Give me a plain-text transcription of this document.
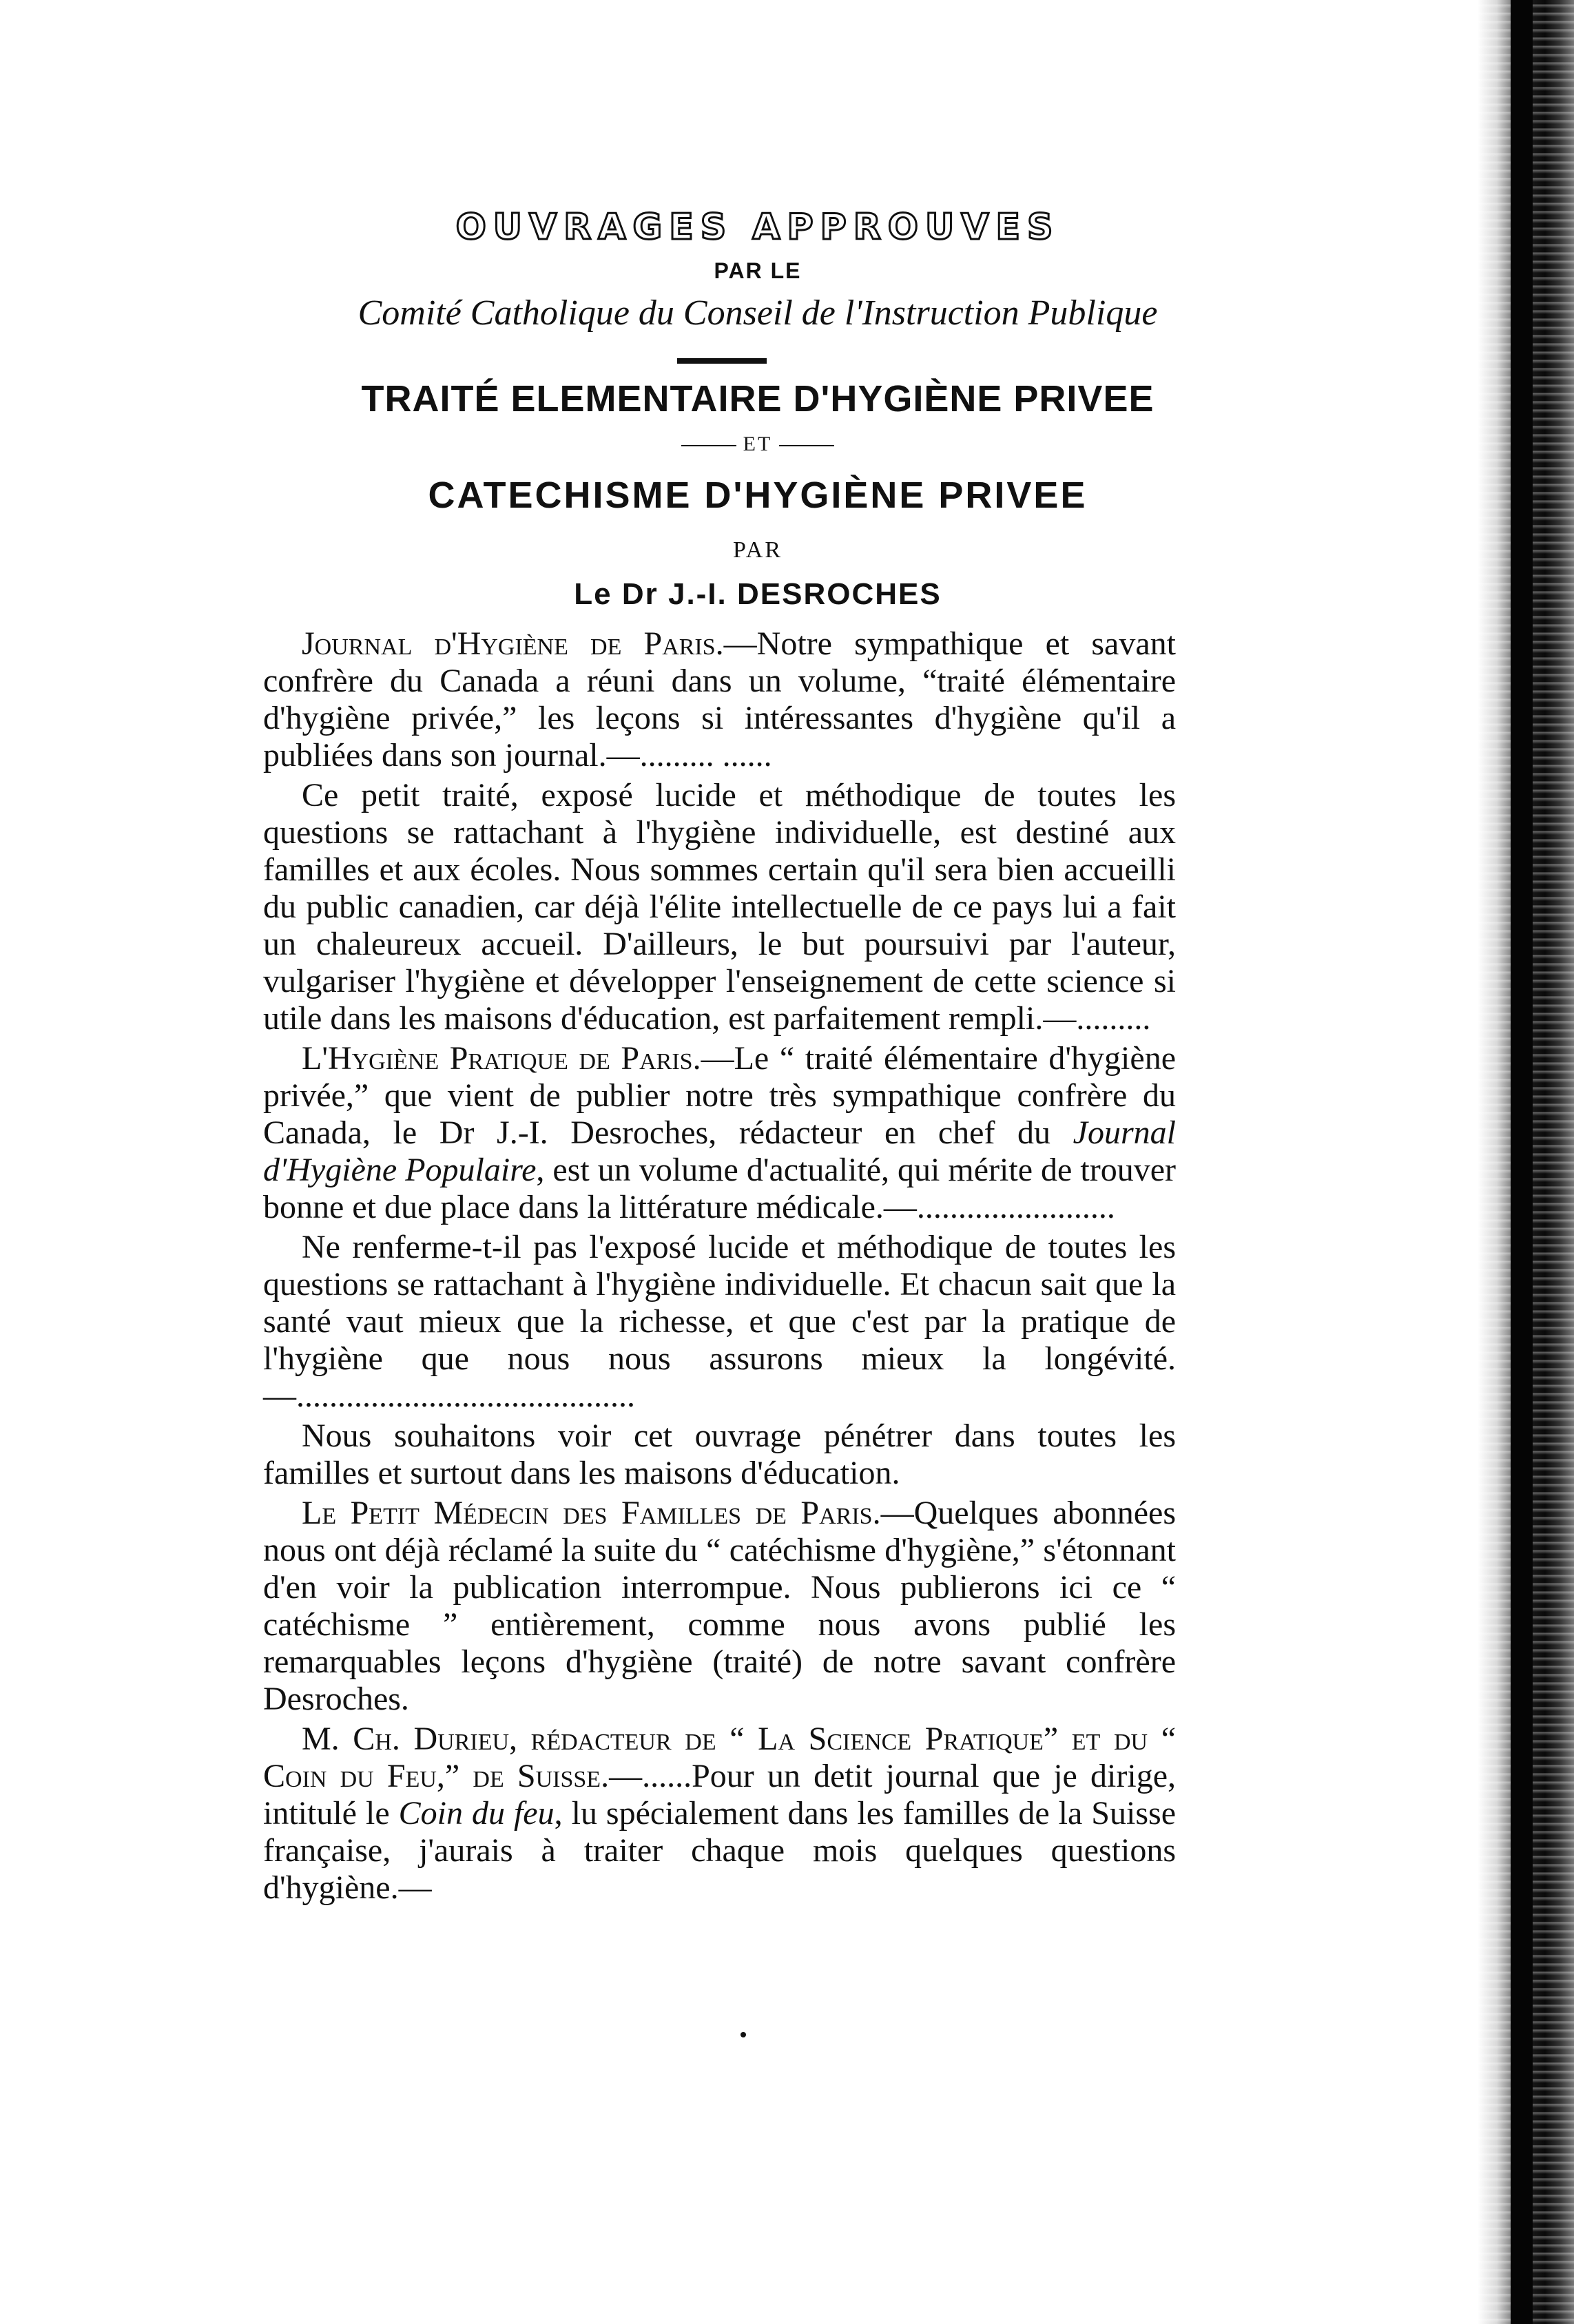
OUVRAGES APPROUVES
PAR LE
Comité Catholique du Conseil de l'Instruction Publique
TRAITÉ ELEMENTAIRE D'HYGIÈNE PRIVEE
ET
CATECHISME D'HYGIÈNE PRIVEE
PAR
Le Dr J.-I. DESROCHES

Journal d'Hygiène de Paris.—Notre sympathique et savant confrère du Canada a réuni dans un volume, “traité élémentaire d'hygiène privée,” les leçons si intéressantes d'hygiène qu'il a publiées dans son journal.—......... ......

Ce petit traité, exposé lucide et méthodique de toutes les questions se rattachant à l'hygiène individuelle, est destiné aux familles et aux écoles. Nous sommes certain qu'il sera bien accueilli du public canadien, car déjà l'élite intellectuelle de ce pays lui a fait un chaleureux accueil. D'ailleurs, le but poursuivi par l'auteur, vulgariser l'hygiène et développer l'enseignement de cette science si utile dans les maisons d'éducation, est parfaitement rempli.—.........

L'Hygiène Pratique de Paris.—Le “ traité élémentaire d'hygiène privée,” que vient de publier notre très sympathique confrère du Canada, le Dr J.-I. Desroches, rédacteur en chef du Journal d'Hygiène Populaire, est un volume d'actualité, qui mérite de trouver bonne et due place dans la littérature médicale.—........................

Ne renferme-t-il pas l'exposé lucide et méthodique de toutes les questions se rattachant à l'hygiène individuelle. Et chacun sait que la santé vaut mieux que la richesse, et que c'est par la pratique de l'hygiène que nous nous assurons mieux la longévité.—.........................................

Nous souhaitons voir cet ouvrage pénétrer dans toutes les familles et surtout dans les maisons d'éducation.

Le Petit Médecin des Familles de Paris.—Quelques abonnées nous ont déjà réclamé la suite du “ catéchisme d'hygiène,” s'étonnant d'en voir la publication interrompue. Nous publierons ici ce “ catéchisme ” entièrement, comme nous avons publié les remarquables leçons d'hygiène (traité) de notre savant confrère Desroches.

M. Ch. Durieu, rédacteur de “ La Science Pratique” et du “ Coin du Feu,” de Suisse.—......Pour un detit journal que je dirige, intitulé le Coin du feu, lu spécialement dans les familles de la Suisse française, j'aurais à traiter chaque mois quelques questions d'hygiène.—
